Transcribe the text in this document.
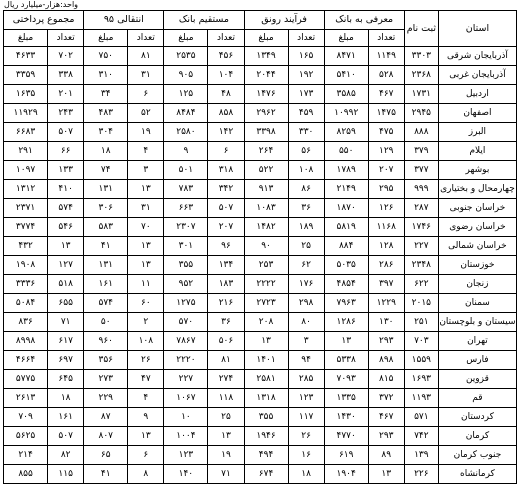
واحد:هزار-میلیارد ریال
استان	ثبت نام	معرفی به بانک		فرآیند رونق		مستقیم بانک		انتقالی ۹۵		مجموع پرداختی	
		تعداد	مبلغ	تعداد	مبلغ	تعداد	مبلغ	تعداد	مبلغ	تعداد	مبلغ
آذربایجان شرقی	۳۳۰۳	۱۱۴۹	۸۴۷۱	۱۶۵	۱۳۴۹	۴۵۶	۲۵۳۵	۸۱	۷۵۰	۷۰۲	۴۶۳۳
آذربایجان غربی	۲۳۶۸	۵۲۸	۵۴۱۰	۱۹۲	۲۰۴۴	۱۰۴	۹۰۵	۳۱	۳۱۰	۳۳۸	۳۳۵۹
اردبیل	۱۷۳۱	۴۶۷	۳۵۸۵	۱۷۳	۱۴۷۶	۴۸	۱۲۵	۶	۳۴	۲۰۱	۱۶۳۵
اصفهان	۲۹۴۵	۱۴۷۵	۱۰۹۹۲	۴۵۹	۲۹۶۲	۸۵۸	۸۴۸۴	۵۲	۴۸۳	۲۴۳	۱۱۹۲۹
البرز	۸۸۸	۴۷۵	۸۲۵۹	۳۳۰	۳۳۹۸	۱۴۲	۲۵۸۰	۱۹	۳۰۴	۵۰۷	۶۶۸۳
ایلام	۳۷۹	۱۲۹	۵۵۰	۵۶	۲۶۴	۶	۹	۴	۱۸	۶۶	۲۹۱
بوشهر	۳۷۷	۲۰۷	۱۷۸۹	۱۰۸	۵۲۲	۳۱۸	۵۰۱	۳	۷۴	۱۳۳	۱۰۹۷
چهارمحال و بختیاری	۹۹۹	۲۹۵	۲۱۴۹	۸۶	۹۱۳	۳۴۲	۷۸۳	۱۳	۱۳۱	۴۱۰	۱۳۱۲
خراسان جنوبی	۲۸۷	۱۲۶	۱۸۷۰	۳۶	۱۰۸۳	۵۰۷	۶۶۳	۳۱	۳۰۶	۵۷۴	۲۳۷۱
خراسان رضوی	۱۷۴۶	۱۱۶۸	۵۸۱۹	۱۸۹	۱۴۸۲	۲۰۷	۲۳۰۷	۷۰	۵۸۳	۵۴۶	۳۷۷۴
خراسان شمالی	۲۲۷	۱۲۸	۸۸۴	۲۵	۹۰	۹۶	۳۰۱	۱۳	۴۱	۱۳	۴۳۲
خوزستان	۲۳۴۸	۲۸۶	۵۰۳۵	۶۲	۲۵۳	۱۳۴	۳۵۵	۱۳	۱۳۱	۱۲۷	۱۹۰۸
زنجان	۶۲۲	۳۹۷	۴۸۵۴	۱۷۶	۲۲۲۲	۱۸۳	۹۵۲	۱۱	۱۶۱	۵۱۸	۳۳۳۶
سمنان	۲۰۱۵	۱۲۲۹	۷۹۶۳	۲۹۸	۲۷۲۳	۲۱۶	۱۲۷۵	۶۰	۵۷۴	۶۵۵	۵۰۸۴
سیستان و بلوچستان	۲۵۱	۱۳۰	۱۲۸۶	۸۰	۲۰۸	۳۶	۵۷۰	۲	۵۰	۷۱	۸۳۶
تهران	۷۰۳	۲۹۳	۱۳	۳	۱۳	۵۰۶	۷۸۶۷	۱۰۸	۹۶۰	۶۱۷	۸۹۹۸
فارس	۱۵۵۹	۸۹۸	۵۳۳۸	۹۴	۱۴۰۱	۸۱	۲۲۲۰	۲۶	۳۵۶	۶۹۷	۴۶۶۴
قزوین	۱۶۹۳	۸۱۵	۷۰۹۳	۲۸۵	۲۵۸۱	۲۷۴	۲۲۷	۴۷	۲۷۳	۶۴۵	۵۷۷۵
قم	۱۱۹۳	۳۷۲	۱۳۳۵	۱۲۳	۱۳۱۸	۱۱۸	۱۰۶۷	۴	۲۲۹	۱۸	۲۶۱۳
کردستان	۵۷۱	۴۶۷	۱۴۳۰	۱۱۷	۳۵۵	۲۵	۱۰	۹	۸۷	۱۶۱	۷۰۹
کرمان	۷۴۲	۲۹۳	۴۷۷۰	۲۶	۱۹۴۶	۱۳	۱۰۰۴	۱۳	۸۰۷	۵۰۷	۵۶۲۵
جنوب کرمان	۱۳۹	۸۹	۶۱۹	۱۶	۴۹۴	۱۹	۱۲۳	۶	۶۵	۸۲	۲۱۴
کرمانشاه	۲۲۶	۱۳	۱۹۰۴	۱۸	۶۷۴	۷۱	۱۴۰	۸	۴۱	۱۱۵	۸۵۵
